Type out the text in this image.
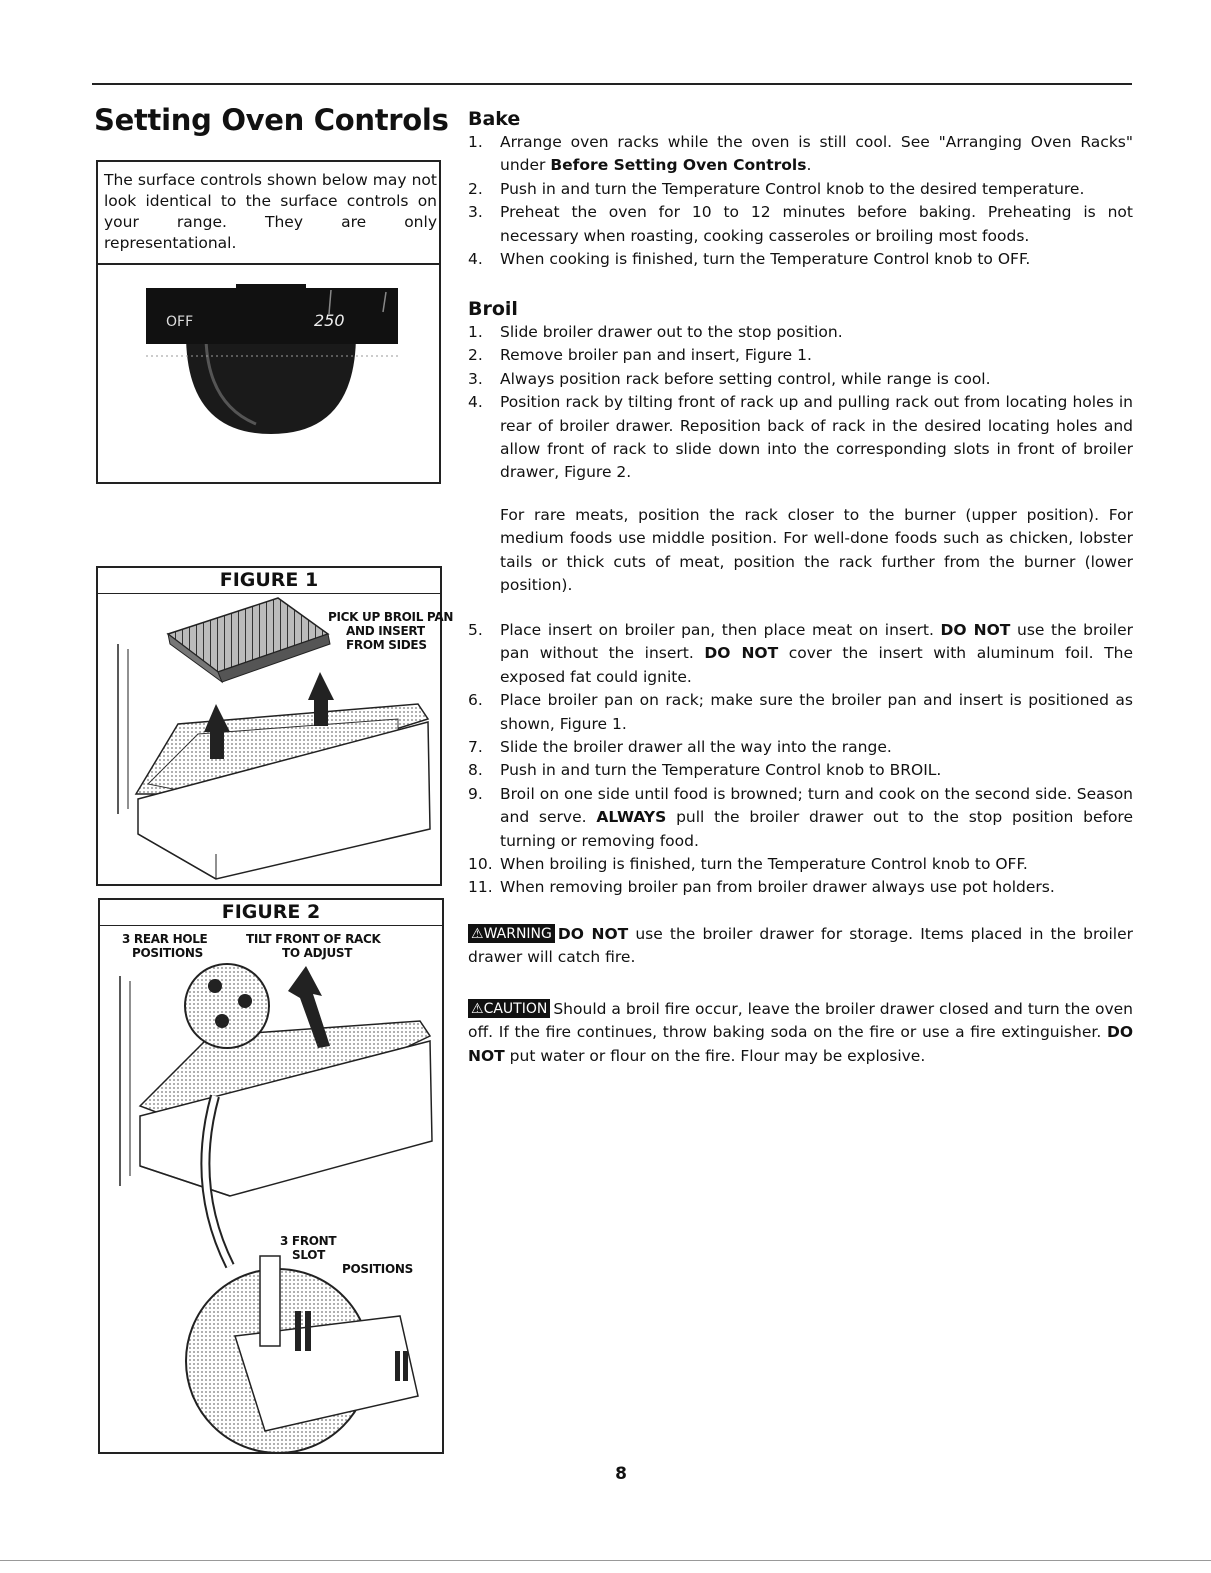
Setting Oven Controls
The surface controls shown below may not look identical to the surface controls on your range. They are only representational.
OFF	250
FIGURE 1
PICK UP BROIL PAN
AND INSERT
FROM SIDES
FIGURE 2
3 REAR HOLE
POSITIONS
TILT FRONT OF RACK
TO ADJUST
3 FRONT
SLOT
POSITIONS
Bake
1. Arrange oven racks while the oven is still cool. See "Arranging Oven Racks" under Before Setting Oven Controls.
2. Push in and turn the Temperature Control knob to the desired temperature.
3. Preheat the oven for 10 to 12 minutes before baking. Preheating is not necessary when roasting, cooking casseroles or broiling most foods.
4. When cooking is finished, turn the Temperature Control knob to OFF.
Broil
1. Slide broiler drawer out to the stop position.
2. Remove broiler pan and insert, Figure 1.
3. Always position rack before setting control, while range is cool.
4. Position rack by tilting front of rack up and pulling rack out from locating holes in rear of broiler drawer. Reposition back of rack in the desired locating holes and allow front of rack to slide down into the corresponding slots in front of broiler drawer, Figure 2.
For rare meats, position the rack closer to the burner (upper position). For medium foods use middle position. For well-done foods such as chicken, lobster tails or thick cuts of meat, position the rack further from the burner (lower position).
5. Place insert on broiler pan, then place meat on insert. DO NOT use the broiler pan without the insert. DO NOT cover the insert with aluminum foil. The exposed fat could ignite.
6. Place broiler pan on rack; make sure the broiler pan and insert is positioned as shown, Figure 1.
7. Slide the broiler drawer all the way into the range.
8. Push in and turn the Temperature Control knob to BROIL.
9. Broil on one side until food is browned; turn and cook on the second side. Season and serve. ALWAYS pull the broiler drawer out to the stop position before turning or removing food.
10. When broiling is finished, turn the Temperature Control knob to OFF.
11. When removing broiler pan from broiler drawer always use pot holders.
⚠WARNING DO NOT use the broiler drawer for storage. Items placed in the broiler drawer will catch fire.
⚠CAUTION Should a broil fire occur, leave the broiler drawer closed and turn the oven off. If the fire continues, throw baking soda on the fire or use a fire extinguisher. DO NOT put water or flour on the fire. Flour may be explosive.
8
